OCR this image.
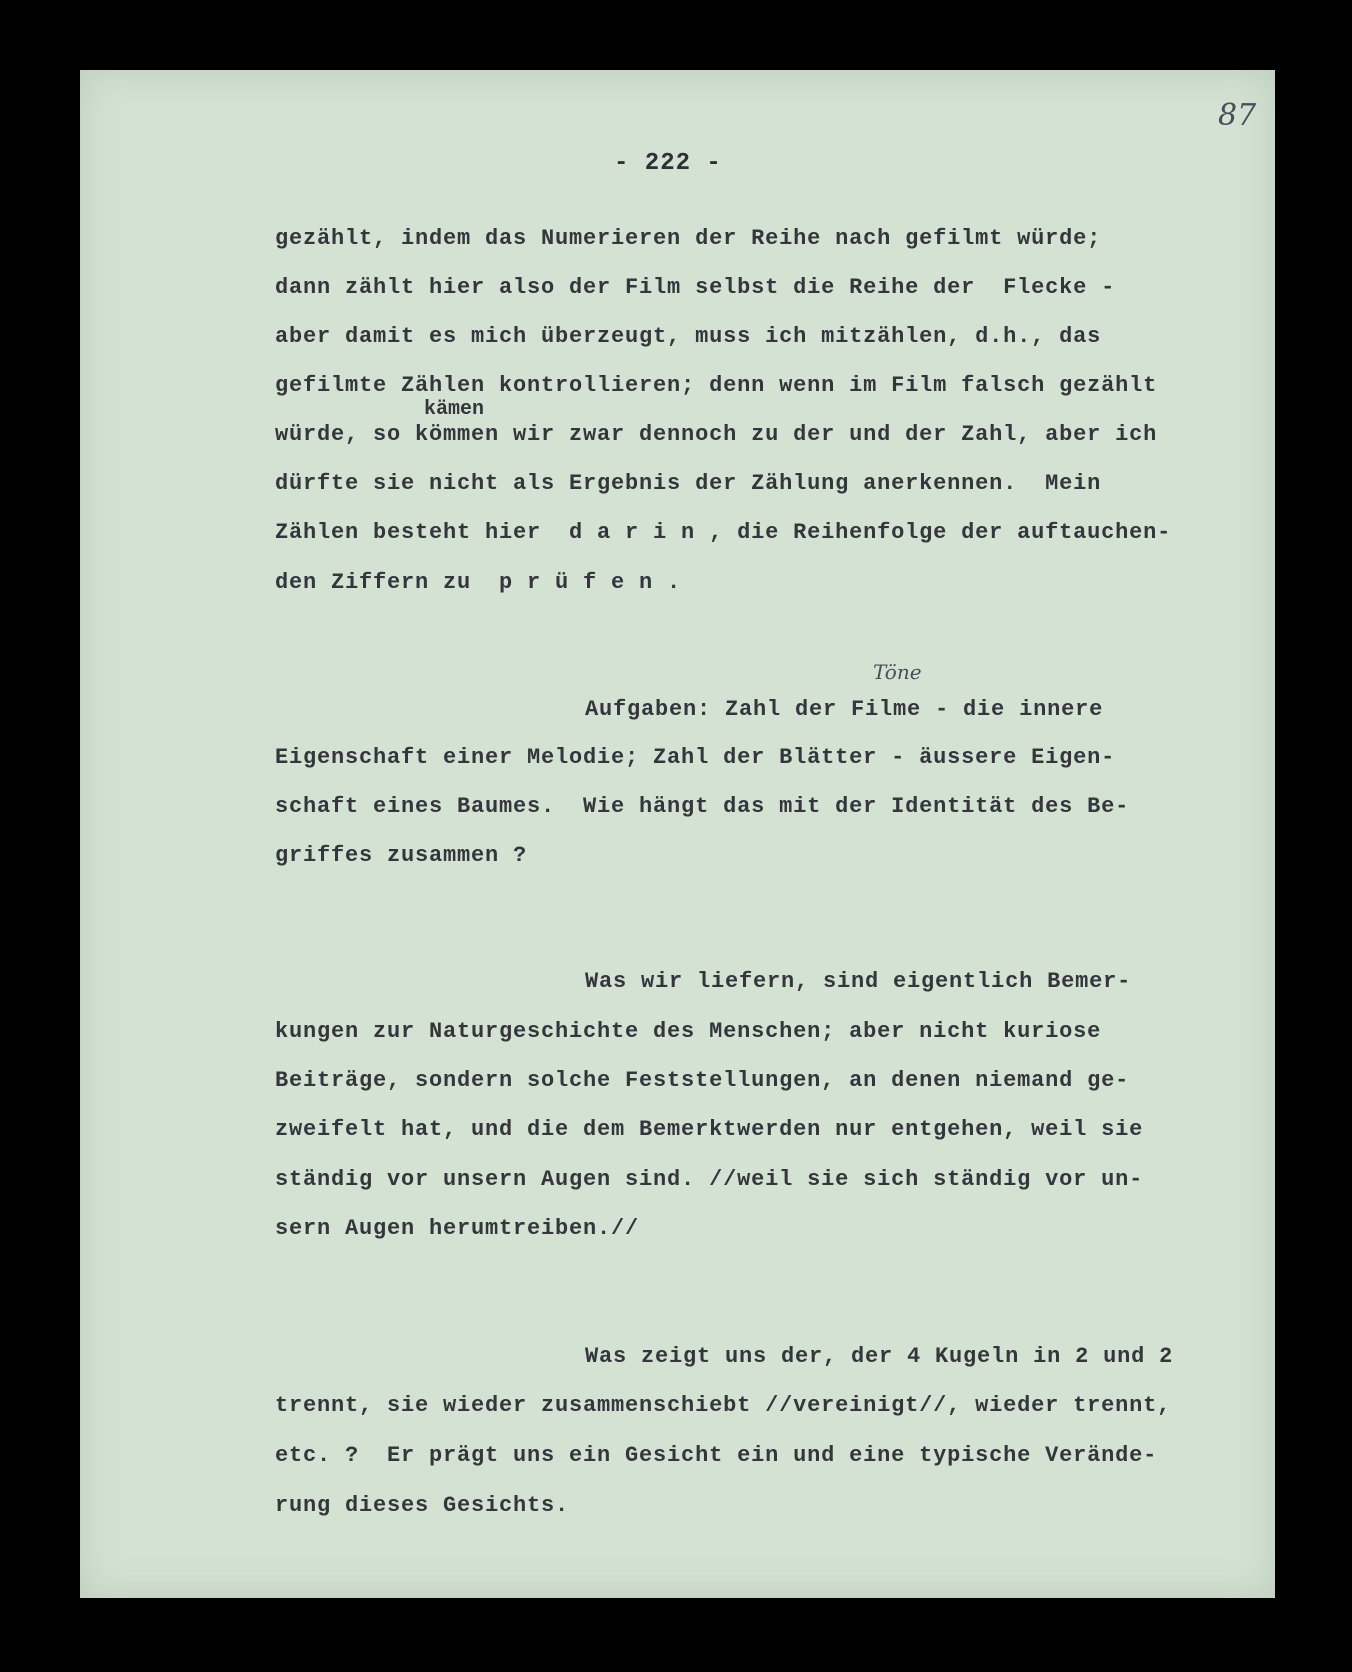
87
- 222 -
gezählt, indem das Numerieren der Reihe nach gefilmt würde;
dann zählt hier also der Film selbst die Reihe der  Flecke -
aber damit es mich überzeugt, muss ich mitzählen, d.h., das
gefilmte Zählen kontrollieren; denn wenn im Film falsch gezählt
kämen
würde, so kömmen wir zwar dennoch zu der und der Zahl, aber ich
dürfte sie nicht als Ergebnis der Zählung anerkennen.  Mein
Zählen besteht hier  d a r i n , die Reihenfolge der auftauchen-
den Ziffern zu  p r ü f e n .
Töne
Aufgaben: Zahl der Filme - die innere
Eigenschaft einer Melodie; Zahl der Blätter - äussere Eigen-
schaft eines Baumes.  Wie hängt das mit der Identität des Be-
griffes zusammen ?
Was wir liefern, sind eigentlich Bemer-
kungen zur Naturgeschichte des Menschen; aber nicht kuriose
Beiträge, sondern solche Feststellungen, an denen niemand ge-
zweifelt hat, und die dem Bemerktwerden nur entgehen, weil sie
ständig vor unsern Augen sind. //weil sie sich ständig vor un-
sern Augen herumtreiben.//
Was zeigt uns der, der 4 Kugeln in 2 und 2
trennt, sie wieder zusammenschiebt //vereinigt//, wieder trennt,
etc. ?  Er prägt uns ein Gesicht ein und eine typische Verände-
rung dieses Gesichts.
